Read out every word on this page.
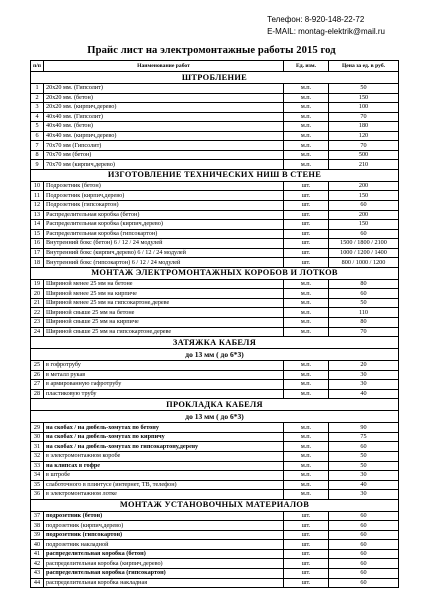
Телефон: 8-920-148-22-72
E-MAIL: montag-elektrik@mail.ru
Прайс лист на электромонтажные работы 2015 год
п/п	Наименование работ	Ед. изм.	Цена за ед. в руб.
ШТРОБЛЕНИЕ			
1	20х20 мм. (Гипсолит)	м.п.	50
2	20х20 мм. (бетон)	м.п.	150
3	20х20 мм. (кирпич,дерево)	м.п.	100
4	40х40 мм. (Гипсолит)	м.п.	70
5	40х40 мм. (бетон)	м.п.	180
6	40х40 мм. (кирпич,дерево)	м.п.	120
7	70х70 мм (Гипсолит)	м.п.	70
8	70х70 мм (бетон)	м.п.	500
9	70х70 мм (кирпич,дерево)	м.п.	210
ИЗГОТОВЛЕНИЕ ТЕХНИЧЕСКИХ НИШ В СТЕНЕ			
10	Подрозетник (бетон)	шт.	200
11	Подрозетник (кирпич,дерево)	шт.	150
12	Подрозетник (гипсокартон)	шт.	60
13	Распределительная коробка (бетон)	шт.	200
14	Распределительная коробка (кирпич,дерево)	шт.	150
15	Распределительная коробка (гипсокартон)	шт.	60
16	Внутренний бокс (бетон) 6 / 12 / 24 модулей	шт.	1500 / 1800 / 2100
17	Внутренний бокс (кирпич,дерево) 6 / 12 / 24 модулей	шт.	1000 / 1200 / 1400
18	Внутренний бокс (гипсокартон) 6 / 12 / 24 модулей	шт.	800 / 1000 / 1200
МОНТАЖ ЭЛЕКТРОМОНТАЖНЫХ КОРОБОВ И ЛОТКОВ			
19	Шириной менее 25 мм на бетоне	м.п.	80
20	Шириной менее 25 мм на кирпиче	м.п.	60
21	Шириной менее 25 мм на гипсокартоне,дереве	м.п.	50
22	Шириной свыше 25 мм на бетоне	м.п.	110
23	Шириной свыше 25 мм на кирпиче	м.п.	80
24	Шириной свыше 25 мм на гипсокартоне,дереве	м.п.	70
ЗАТЯЖКА КАБЕЛЯ			
до 13 мм ( до 6*3)			
25	в гофротрубу	м.п.	20
26	в металл рукав	м.п.	30
27	в армированную гафротрубу	м.п.	30
28	пластиковую трубу	м.п.	40
ПРОКЛАДКА КАБЕЛЯ			
до 13 мм ( до 6*3)			
29	на скобах / на дюбель-хомутах по бетону	м.п.	90
30	на скобах / на дюбель-хомутах по кирпичу	м.п.	75
31	на скобах / на дюбель-хомутах по гипсокартону,дереву	м.п.	60
32	в электромонтажном коробе	м.п.	50
33	на клипсах в гофре	м.п.	50
34	в штробе	м.п.	30
35	слаботочного в плинтусе (интернет, ТВ, телефон)	м.п.	40
36	в электромонтажном лотке	м.п.	30
МОНТАЖ УСТАНОВОЧНЫХ МАТЕРИАЛОВ			
37	подрозетник (бетон)	шт.	60
38	подрозетник (кирпич,дерево)	шт.	60
39	подрозетник (гипсокартон)	шт.	60
40	подрозетник накладной	шт.	60
41	распределительная коробка (бетон)	шт.	60
42	распределительная коробка (кирпич,дерево)	шт.	60
43	распределительная коробка (гипсокартон)	шт.	60
44	распределительная коробка накладная	шт.	60
